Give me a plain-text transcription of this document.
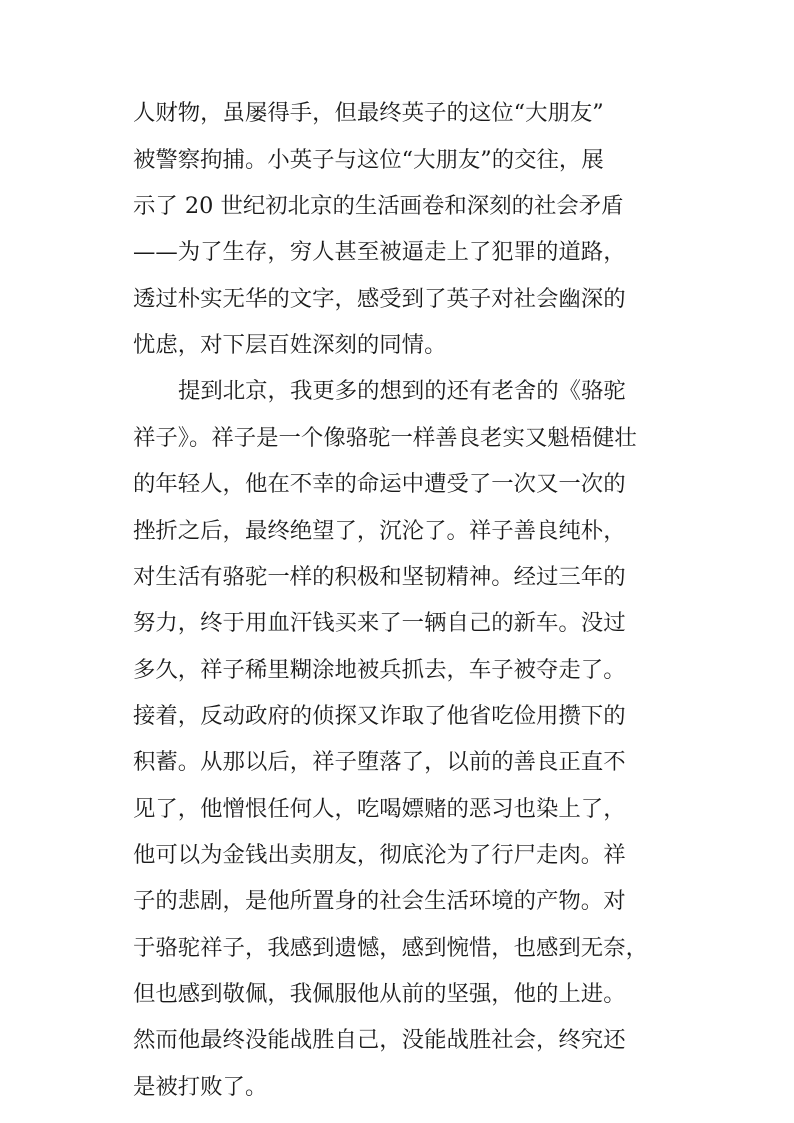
人财物，虽屡得手，但最终英子的这位“大朋友”

被警察拘捕。小英子与这位“大朋友”的交往，展

示了 20 世纪初北京的生活画卷和深刻的社会矛盾

——为了生存，穷人甚至被逼走上了犯罪的道路，

透过朴实无华的文字，感受到了英子对社会幽深的

忧虑，对下层百姓深刻的同情。

提到北京，我更多的想到的还有老舍的《骆驼

祥子》。祥子是一个像骆驼一样善良老实又魁梧健壮

的年轻人，他在不幸的命运中遭受了一次又一次的

挫折之后，最终绝望了，沉沦了。祥子善良纯朴，

对生活有骆驼一样的积极和坚韧精神。经过三年的

努力，终于用血汗钱买来了一辆自己的新车。没过

多久，祥子稀里糊涂地被兵抓去，车子被夺走了。

接着，反动政府的侦探又诈取了他省吃俭用攒下的

积蓄。从那以后，祥子堕落了，以前的善良正直不

见了，他憎恨任何人，吃喝嫖赌的恶习也染上了，

他可以为金钱出卖朋友，彻底沦为了行尸走肉。祥

子的悲剧，是他所置身的社会生活环境的产物。对

于骆驼祥子，我感到遗憾，感到惋惜，也感到无奈，

但也感到敬佩，我佩服他从前的坚强，他的上进。

然而他最终没能战胜自己，没能战胜社会，终究还

是被打败了。
